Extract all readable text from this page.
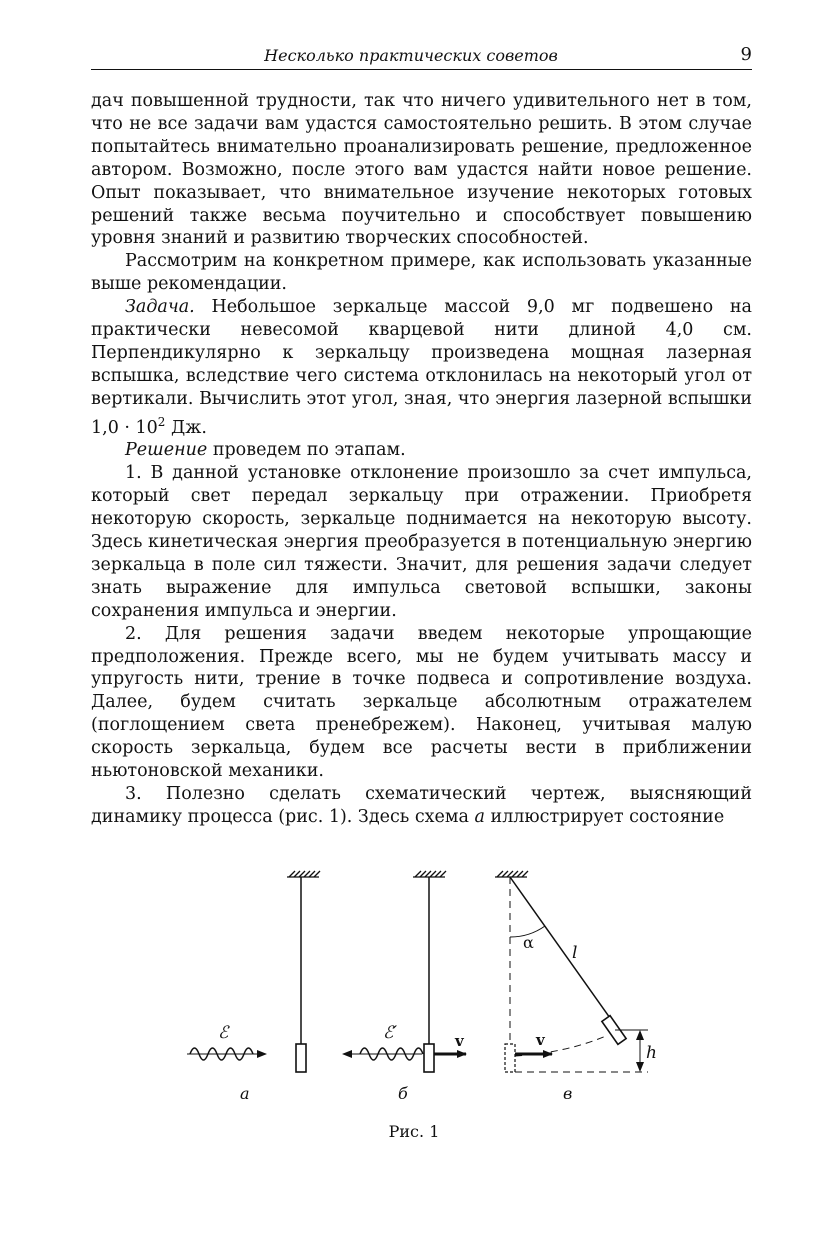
Несколько практических советов	9

дач повышенной трудности, так что ничего удивительного нет в том, что не все задачи вам удастся самостоятельно решить. В этом случае попытайтесь внимательно проанализировать решение, предложенное автором. Возможно, после этого вам удастся найти новое решение. Опыт показывает, что внимательное изучение некоторых готовых решений также весьма поучительно и способствует повышению уровня знаний и развитию творческих способностей.

Рассмотрим на конкретном примере, как использовать указанные выше рекомендации.

Задача. Небольшое зеркальце массой 9,0 мг подвешено на практически невесомой кварцевой нити длиной 4,0 см. Перпендикулярно к зеркальцу произведена мощная лазерная вспышка, вследствие чего система отклонилась на некоторый угол от вертикали. Вычислить этот угол, зная, что энергия лазерной вспышки $1,0 \cdot 10^2$ Дж.

Решение проведем по этапам.

1. В данной установке отклонение произошло за счет импульса, который свет передал зеркальцу при отражении. Приобретя некоторую скорость, зеркальце поднимается на некоторую высоту. Здесь кинетическая энергия преобразуется в потенциальную энергию зеркальца в поле сил тяжести. Значит, для решения задачи следует знать выражение для импульса световой вспышки, законы сохранения импульса и энергии.

2. Для решения задачи введем некоторые упрощающие предположения. Прежде всего, мы не будем учитывать массу и упругость нити, трение в точке подвеса и сопротивление воздуха. Далее, будем считать зеркальце абсолютным отражателем (поглощением света пренебрежем). Наконец, учитывая малую скорость зеркальца, будем все расчеты вести в приближении ньютоновской механики.

3. Полезно сделать схематический чертеж, выясняющий динамику процесса (рис. 1). Здесь схема а иллюстрирует состояние

ℰ
а
v
ℰ′
б
v
α
l
h
в
Рис. 1
